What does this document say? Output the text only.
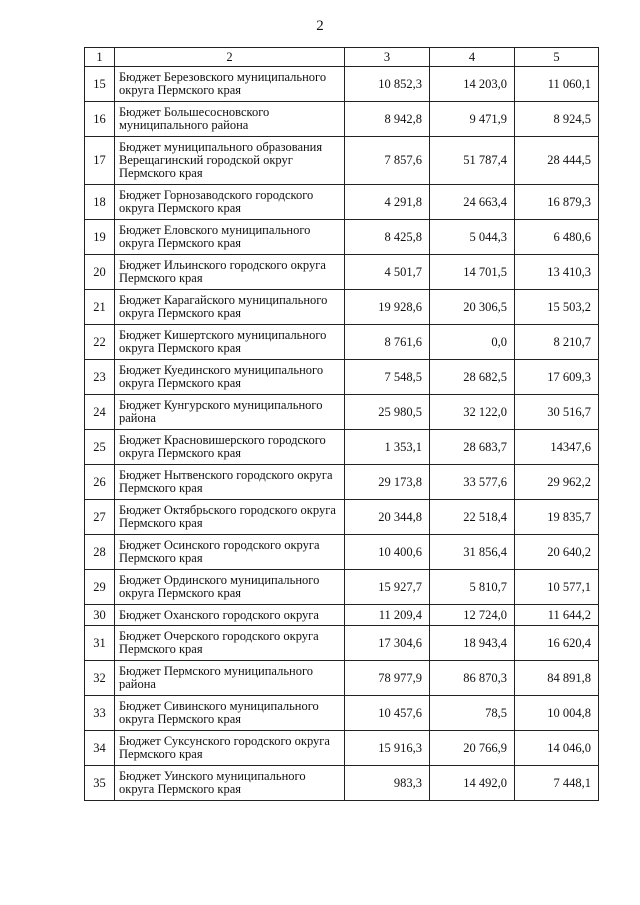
2
1	2	3	4	5
15	Бюджет Березовского муниципального округа Пермского края	10 852,3	14 203,0	11 060,1
16	Бюджет Большесосновского муниципального района	8 942,8	9 471,9	8 924,5
17	Бюджет муниципального образования Верещагинский городской округ Пермского края	7 857,6	51 787,4	28 444,5
18	Бюджет Горнозаводского городского округа Пермского края	4 291,8	24 663,4	16 879,3
19	Бюджет Еловского муниципального округа Пермского края	8 425,8	5 044,3	6 480,6
20	Бюджет Ильинского городского округа Пермского края	4 501,7	14 701,5	13 410,3
21	Бюджет Карагайского муниципального округа Пермского края	19 928,6	20 306,5	15 503,2
22	Бюджет Кишертского муниципального округа Пермского края	8 761,6	0,0	8 210,7
23	Бюджет Куединского муниципального округа Пермского края	7 548,5	28 682,5	17 609,3
24	Бюджет Кунгурского муниципального района	25 980,5	32 122,0	30 516,7
25	Бюджет Красновишерского городского округа Пермского края	1 353,1	28 683,7	14347,6
26	Бюджет Нытвенского городского округа Пермского края	29 173,8	33 577,6	29 962,2
27	Бюджет Октябрьского городского округа Пермского края	20 344,8	22 518,4	19 835,7
28	Бюджет Осинского городского округа Пермского края	10 400,6	31 856,4	20 640,2
29	Бюджет Ординского муниципального округа Пермского края	15 927,7	5 810,7	10 577,1
30	Бюджет Оханского городского округа	11 209,4	12 724,0	11 644,2
31	Бюджет Очерского городского округа Пермского края	17 304,6	18 943,4	16 620,4
32	Бюджет Пермского муниципального района	78 977,9	86 870,3	84 891,8
33	Бюджет Сивинского муниципального округа Пермского края	10 457,6	78,5	10 004,8
34	Бюджет Суксунского городского округа Пермского края	15 916,3	20 766,9	14 046,0
35	Бюджет Уинского муниципального округа Пермского края	983,3	14 492,0	7 448,1
